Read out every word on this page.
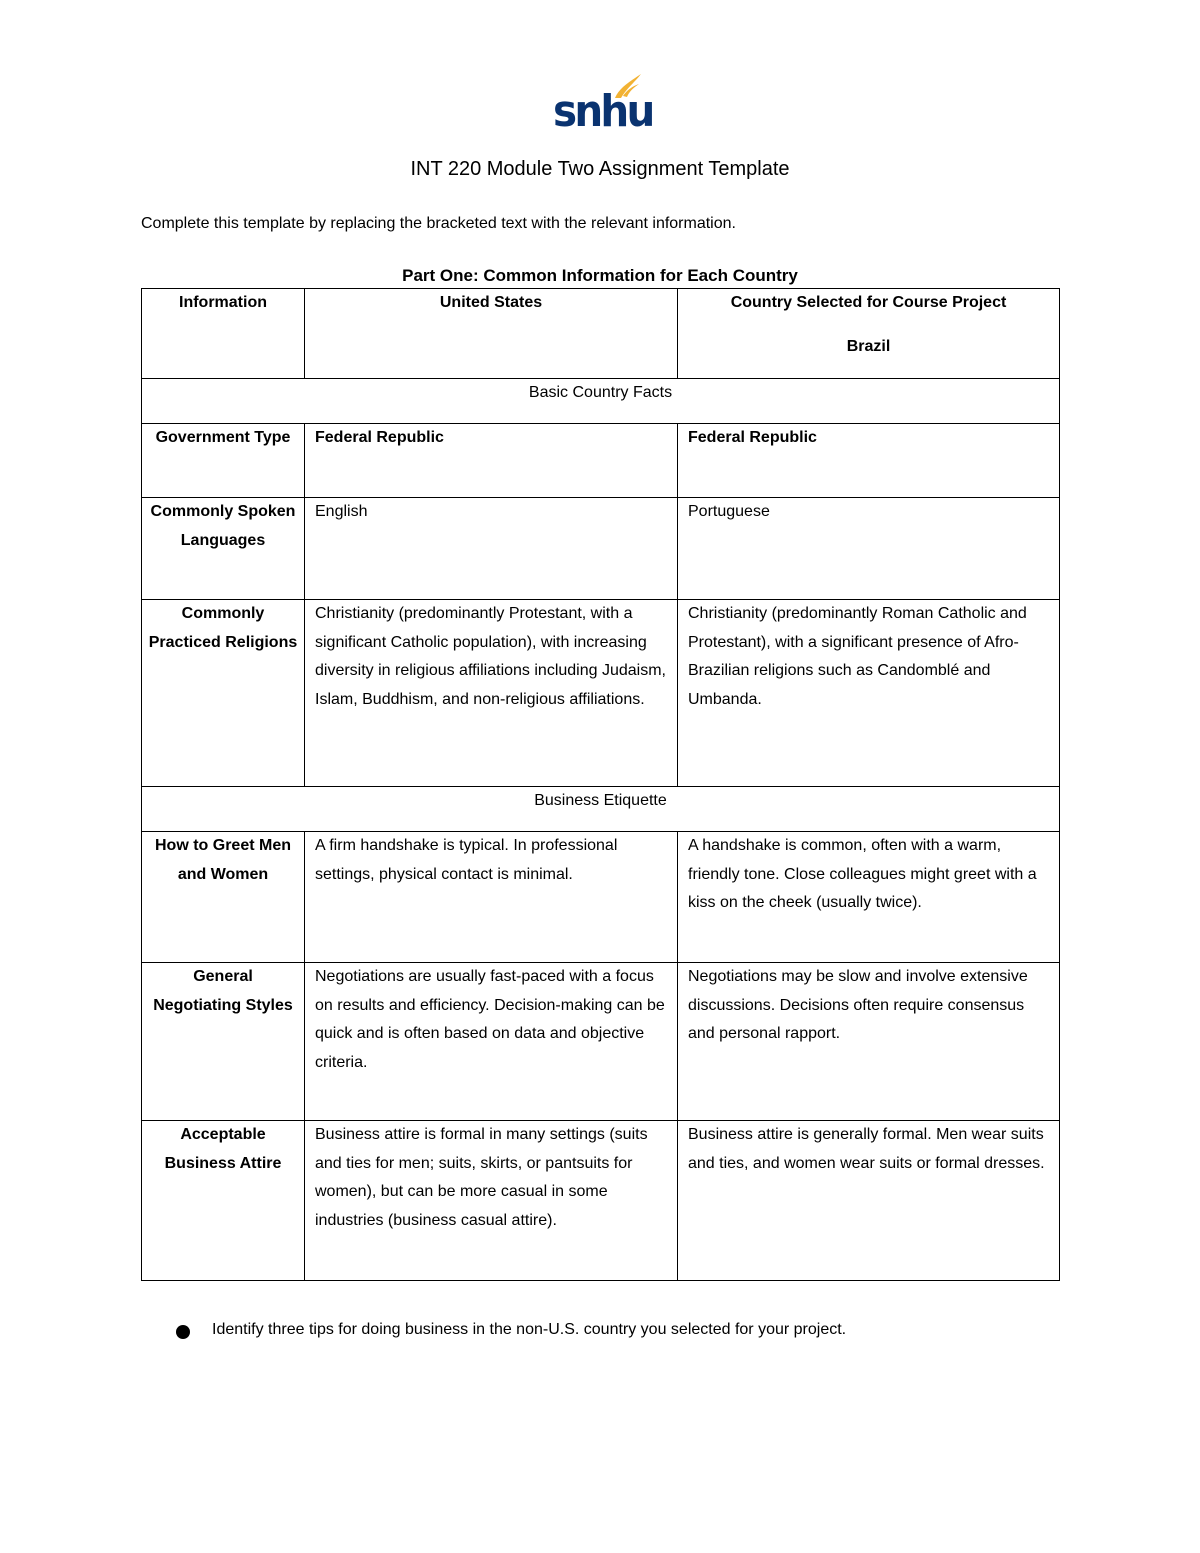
snhu
INT 220 Module Two Assignment Template
Complete this template by replacing the bracketed text with the relevant information.
Part One: Common Information for Each Country
Information	United States	Country Selected for Course Project
Brazil

Basic Country Facts		

Government Type	Federal Republic	Federal Republic
Commonly Spoken Languages	English	Portuguese
Commonly Practiced Religions	Christianity (predominantly Protestant, with a significant Catholic population), with increasing diversity in religious affiliations including Judaism, Islam, Buddhism, and non-religious affiliations.	Christianity (predominantly Roman Catholic and Protestant), with a significant presence of Afro-Brazilian religions such as Candomblé and Umbanda.

Business Etiquette		

How to Greet Men and Women	A firm handshake is typical. In professional settings, physical contact is minimal.	A handshake is common, often with a warm, friendly tone. Close colleagues might greet with a kiss on the cheek (usually twice).
General Negotiating Styles	Negotiations are usually fast-paced with a focus on results and efficiency. Decision-making can be quick and is often based on data and objective criteria.	Negotiations may be slow and involve extensive discussions. Decisions often require consensus and personal rapport.
Acceptable Business Attire	Business attire is formal in many settings (suits and ties for men; suits, skirts, or pantsuits for women), but can be more casual in some industries (business casual attire).	Business attire is generally formal. Men wear suits and ties, and women wear suits or formal dresses.
Identify three tips for doing business in the non-U.S. country you selected for your project.
